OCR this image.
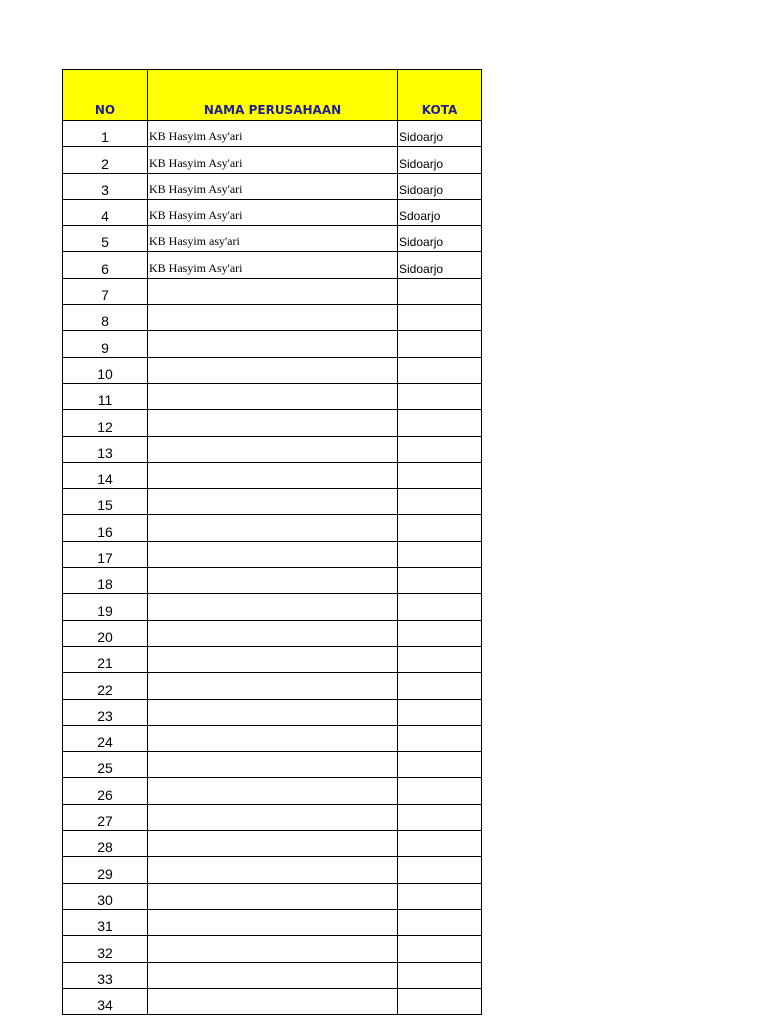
NO	NAMA PERUSAHAAN	KOTA
1	KB Hasyim Asy'ari	Sidoarjo
2	KB Hasyim Asy'ari	Sidoarjo
3	KB Hasyim Asy'ari	Sidoarjo
4	KB Hasyim Asy'ari	Sdoarjo
5	KB Hasyim asy'ari	Sidoarjo
6	KB Hasyim Asy'ari	Sidoarjo
7		
8		
9		
10		
11		
12		
13		
14		
15		
16		
17		
18		
19		
20		
21		
22		
23		
24		
25		
26		
27		
28		
29		
30		
31		
32		
33		
34		
